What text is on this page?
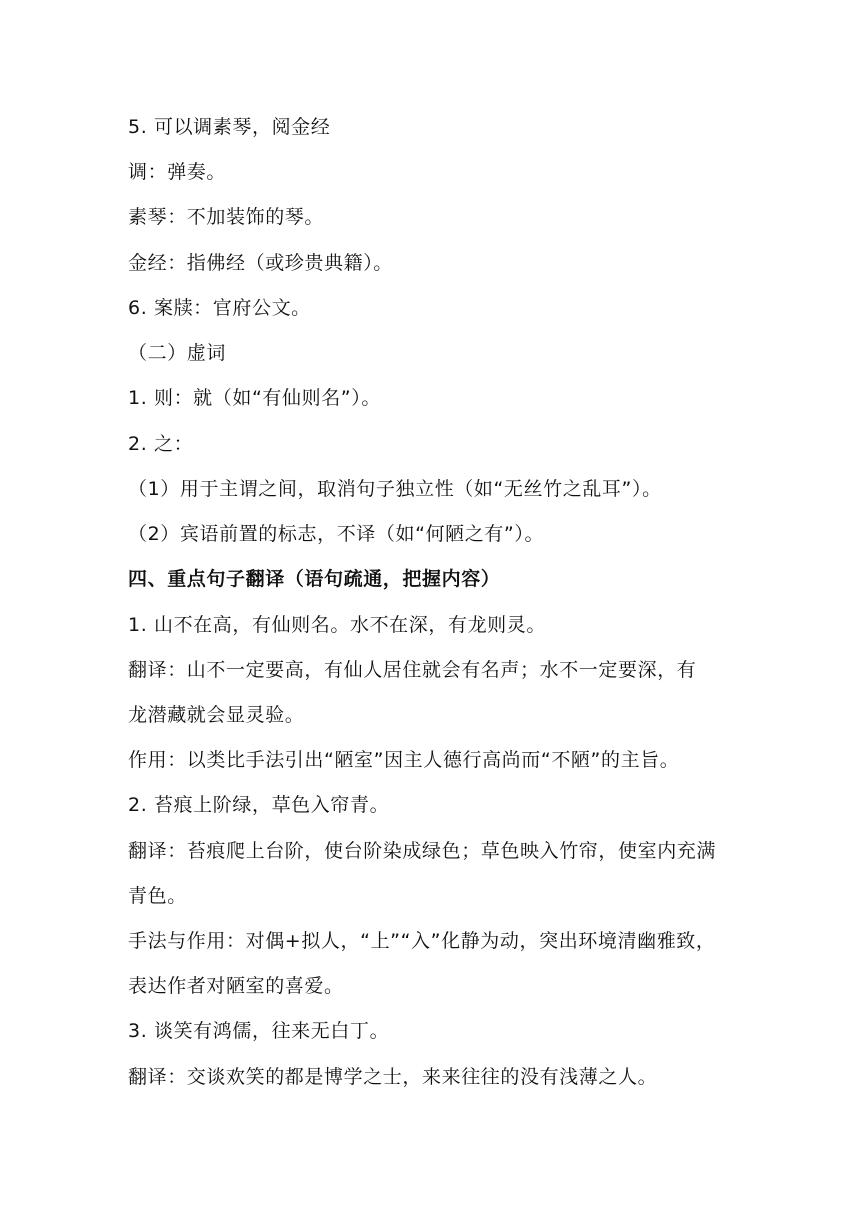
5. 可以调素琴，阅金经
调：弹奏。
素琴：不加装饰的琴。
金经：指佛经（或珍贵典籍）。
6. 案牍：官府公文。
（二）虚词
1. 则：就（如“有仙则名”）。
2. 之：
（1）用于主谓之间，取消句子独立性（如“无丝竹之乱耳”）。
（2）宾语前置的标志，不译（如“何陋之有”）。
四、重点句子翻译（语句疏通，把握内容）
1. 山不在高，有仙则名。水不在深，有龙则灵。
翻译：山不一定要高，有仙人居住就会有名声；水不一定要深，有
龙潜藏就会显灵验。
作用：以类比手法引出“陋室”因主人德行高尚而“不陋”的主旨。
2. 苔痕上阶绿，草色入帘青。
翻译：苔痕爬上台阶，使台阶染成绿色；草色映入竹帘，使室内充满
青色。
手法与作用：对偶+拟人，“上”“入”化静为动，突出环境清幽雅致，
表达作者对陋室的喜爱。
3. 谈笑有鸿儒，往来无白丁。
翻译：交谈欢笑的都是博学之士，来来往往的没有浅薄之人。
